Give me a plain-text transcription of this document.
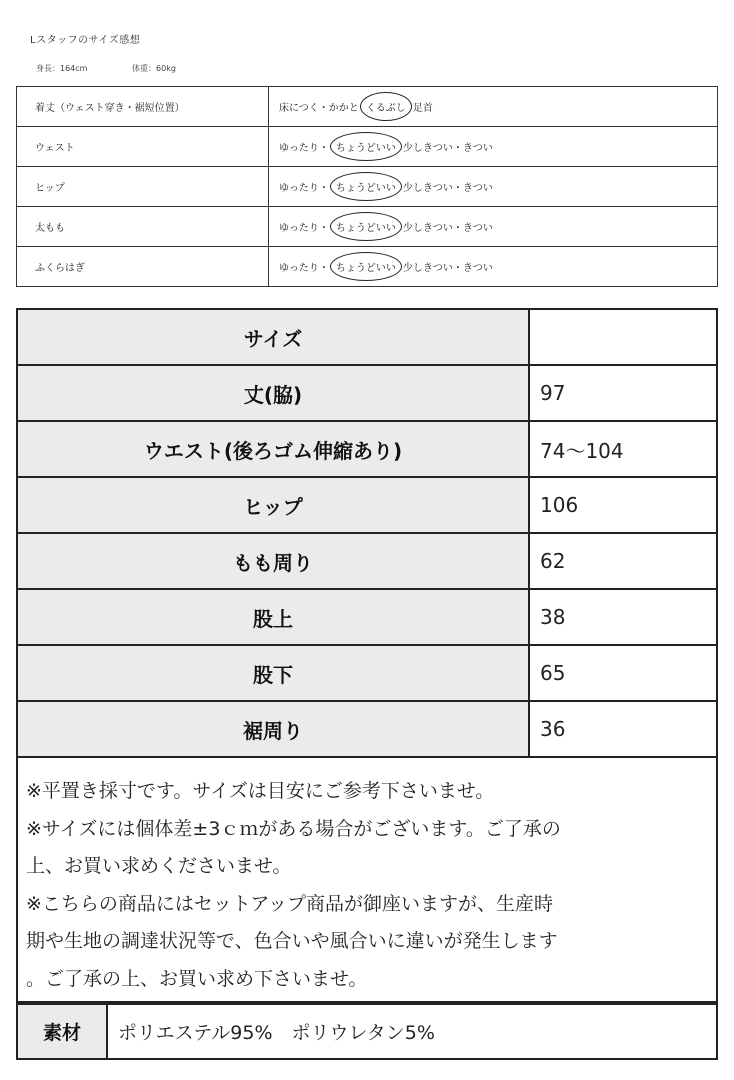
Lスタッフのサイズ感想
身長：164cm	体重：60kg
着丈（ウェスト穿き・裾短位置）	床につく・かかと くるぶし 足首
ウェスト	ゆったり・ ちょうどいい 少しきつい・きつい
ヒップ	ゆったり・ ちょうどいい 少しきつい・きつい
太もも	ゆったり・ ちょうどいい 少しきつい・きつい
ふくらはぎ	ゆったり・ ちょうどいい 少しきつい・きつい
サイズ	
丈(脇)	97
ウエスト(後ろゴム伸縮あり)	74〜104
ヒップ	106
もも周り	62
股上	38
股下	65
裾周り	36
※平置き採寸です。サイズは目安にご参考下さいませ。
※サイズには個体差±3ｃｍがある場合がございます。ご了承の
上、お買い求めくださいませ。
※こちらの商品にはセットアップ商品が御座いますが、生産時
期や生地の調達状況等で、色合いや風合いに違いが発生します
。ご了承の上、お買い求め下さいませ。
素材	ポリエステル95%　ポリウレタン5%
